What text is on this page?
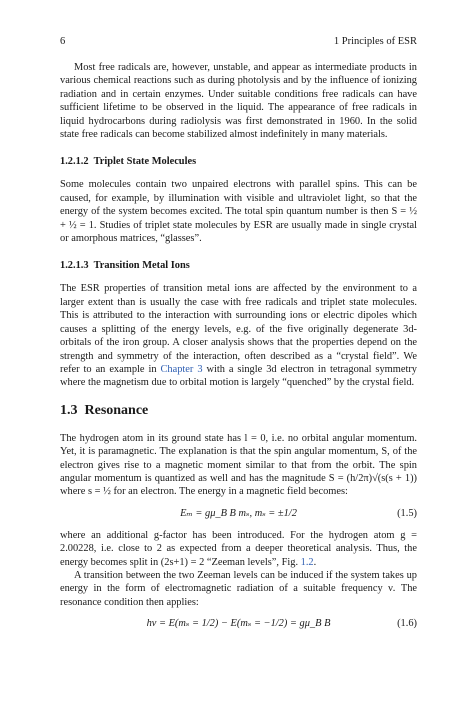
6	1 Principles of ESR

Most free radicals are, however, unstable, and appear as intermediate products in various chemical reactions such as during photolysis and by the influence of ionizing radiation and in certain enzymes. Under suitable conditions free radicals can have sufficient lifetime to be observed in the liquid. The appearance of free radicals in liquid hydrocarbons during radiolysis was first demonstrated in 1960. In the solid state free radicals can become stabilized almost indefinitely in many materials.

1.2.1.2 Triplet State Molecules

Some molecules contain two unpaired electrons with parallel spins. This can be caused, for example, by illumination with visible and ultraviolet light, so that the energy of the system becomes excited. The total spin quantum number is then S = ½ + ½ = 1. Studies of triplet state molecules by ESR are usually made in single crystal or amorphous matrices, “glasses”.

1.2.1.3 Transition Metal Ions

The ESR properties of transition metal ions are affected by the environment to a larger extent than is usually the case with free radicals and triplet state molecules. This is attributed to the interaction with surrounding ions or electric dipoles which causes a splitting of the energy levels, e.g. of the five originally degenerate 3d-orbitals of the iron group. A closer analysis shows that the properties depend on the strength and symmetry of the interaction, often described as a “crystal field”. We refer to an example in Chapter 3 with a single 3d electron in tetragonal symmetry where the magnetism due to orbital motion is largely “quenched” by the crystal field.

1.3 Resonance

The hydrogen atom in its ground state has l = 0, i.e. no orbital angular momentum. Yet, it is paramagnetic. The explanation is that the spin angular momentum, S, of the electron gives rise to a magnetic moment similar to that from the orbit. The spin angular momentum is quantized as well and has the magnitude S = (h/2π)√(s(s + 1)) where s = ½ for an electron. The energy in a magnetic field becomes:

Eₘ = gμ_B B mₛ, mₛ = ±1/2	(1.5)

where an additional g-factor has been introduced. For the hydrogen atom g = 2.00228, i.e. close to 2 as expected from a deeper theoretical analysis. Thus, the energy becomes split in (2s+1) = 2 “Zeeman levels”, Fig. 1.2.

A transition between the two Zeeman levels can be induced if the system takes up energy in the form of electromagnetic radiation of a suitable frequency ν. The resonance condition then applies:

hν = E(mₛ = 1/2) − E(mₛ = −1/2) = gμ_B B	(1.6)
